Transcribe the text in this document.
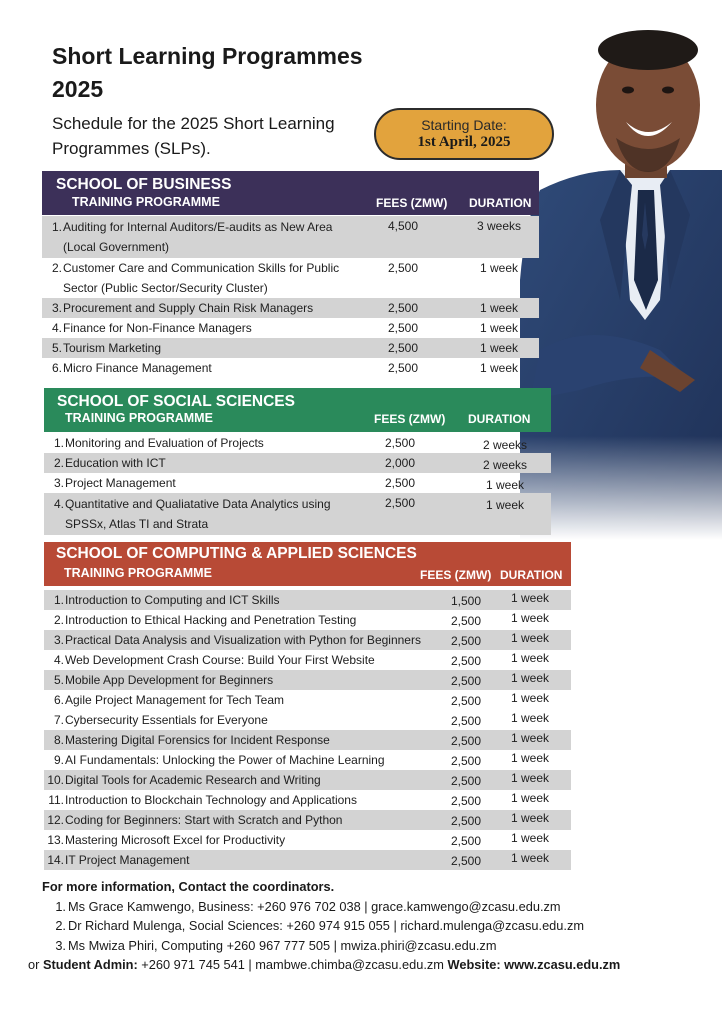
Short Learning Programmes 2025
Schedule for the 2025 Short Learning Programmes (SLPs).
Starting Date:
1st April, 2025
SCHOOL OF BUSINESS
TRAINING PROGRAMME	FEES (ZMW) DURATION
1. Auditing for Internal Auditors/E-audits as New Area (Local Government)
4,500	3 weeks
2. Customer Care and Communication Skills for Public Sector (Public Sector/Security Cluster)
2,500	1 week
3. Procurement and Supply Chain Risk Managers	2,500	1 week
4. Finance for Non-Finance Managers	2,500	1 week
5. Tourism Marketing	2,500	1 week
6. Micro Finance Management	2,500	1 week
SCHOOL OF SOCIAL SCIENCES
TRAINING PROGRAMME	FEES (ZMW) DURATION
1. Monitoring and Evaluation of Projects	2,500	2 weeks
2. Education with ICT	2,000	2 weeks
3. Project Management	2,500	1 week
4. Quantitative and Qualiatative Data Analytics using SPSSx, Atlas TI and Strata
2,500	1 week
SCHOOL OF COMPUTING & APPLIED SCIENCES
TRAINING PROGRAMME	FEES (ZMW) DURATION
1. Introduction to Computing and ICT Skills	1,500	1 week
2. Introduction to Ethical Hacking and Penetration Testing	2,500	1 week
3. Practical Data Analysis and Visualization with Python for Beginners	2,500	1 week
4. Web Development Crash Course: Build Your First Website	2,500	1 week
5. Mobile App Development for Beginners	2,500	1 week
6. Agile Project Management for Tech Team	2,500	1 week
7. Cybersecurity Essentials for Everyone	2,500	1 week
8. Mastering Digital Forensics for Incident Response	2,500	1 week
9. AI Fundamentals: Unlocking the Power of Machine Learning	2,500	1 week
10. Digital Tools for Academic Research and Writing	2,500	1 week
11. Introduction to Blockchain Technology and Applications	2,500	1 week
12. Coding for Beginners: Start with Scratch and Python	2,500	1 week
13. Mastering Microsoft Excel for Productivity	2,500	1 week
14. IT Project Management	2,500	1 week
For more information, Contact the coordinators.
1. Ms Grace Kamwengo, Business: +260 976 702 038 | grace.kamwengo@zcasu.edu.zm
2. Dr Richard Mulenga, Social Sciences: +260 974 915 055 | richard.mulenga@zcasu.edu.zm
3. Ms Mwiza Phiri, Computing +260 967 777 505 | mwiza.phiri@zcasu.edu.zm
or Student Admin: +260 971 745 541 | mambwe.chimba@zcasu.edu.zm Website: www.zcasu.edu.zm
